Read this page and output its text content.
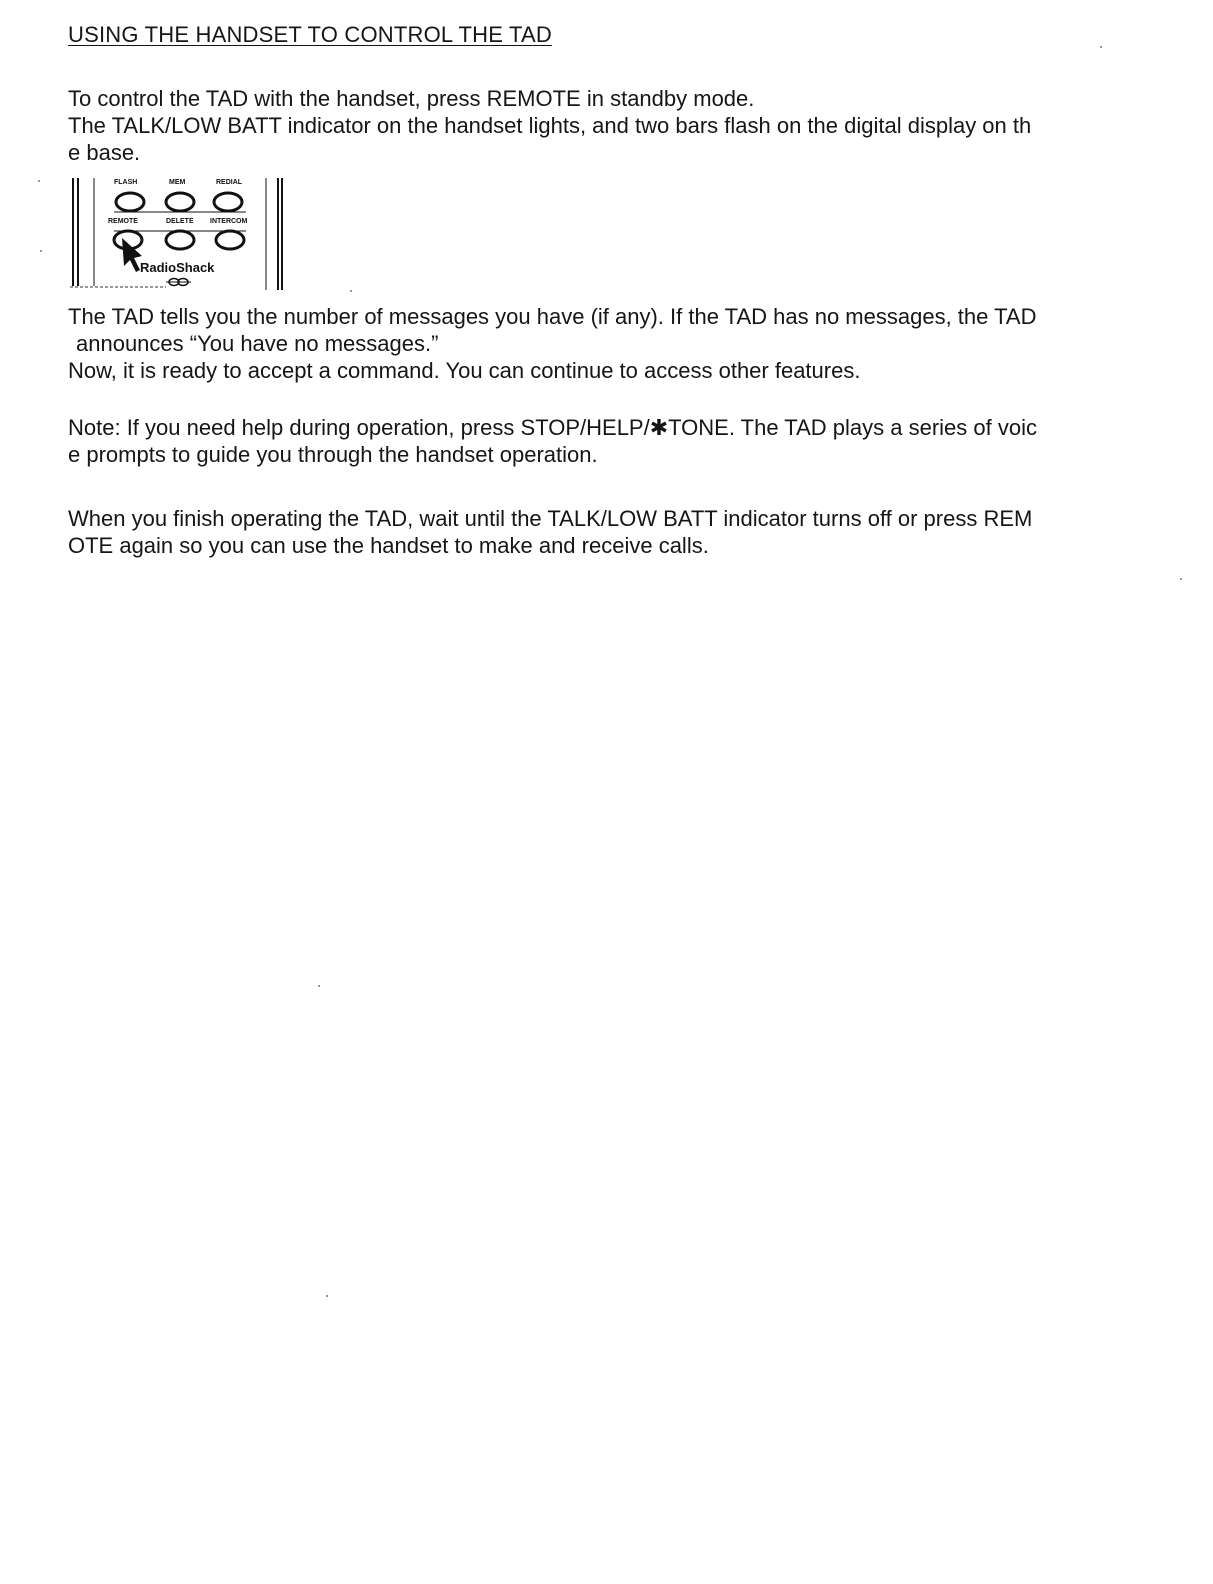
USING THE HANDSET TO CONTROL THE TAD
To control the TAD with the handset, press REMOTE in standby mode.
The TALK/LOW BATT indicator on the handset lights, and two bars flash on the digital display on th
e base.
FLASH	MEM	REDIAL
REMOTE	DELETE INTERCOM
RadioShack
The TAD tells you the number of messages you have (if any). If the TAD has no messages, the TAD
announces “You have no messages.”
Now, it is ready to accept a command. You can continue to access other features.
Note: If you need help during operation, press STOP/HELP/✱TONE. The TAD plays a series of voic
e prompts to guide you through the handset operation.
When you finish operating the TAD, wait until the TALK/LOW BATT indicator turns off or press REM
OTE again so you can use the handset to make and receive calls.
